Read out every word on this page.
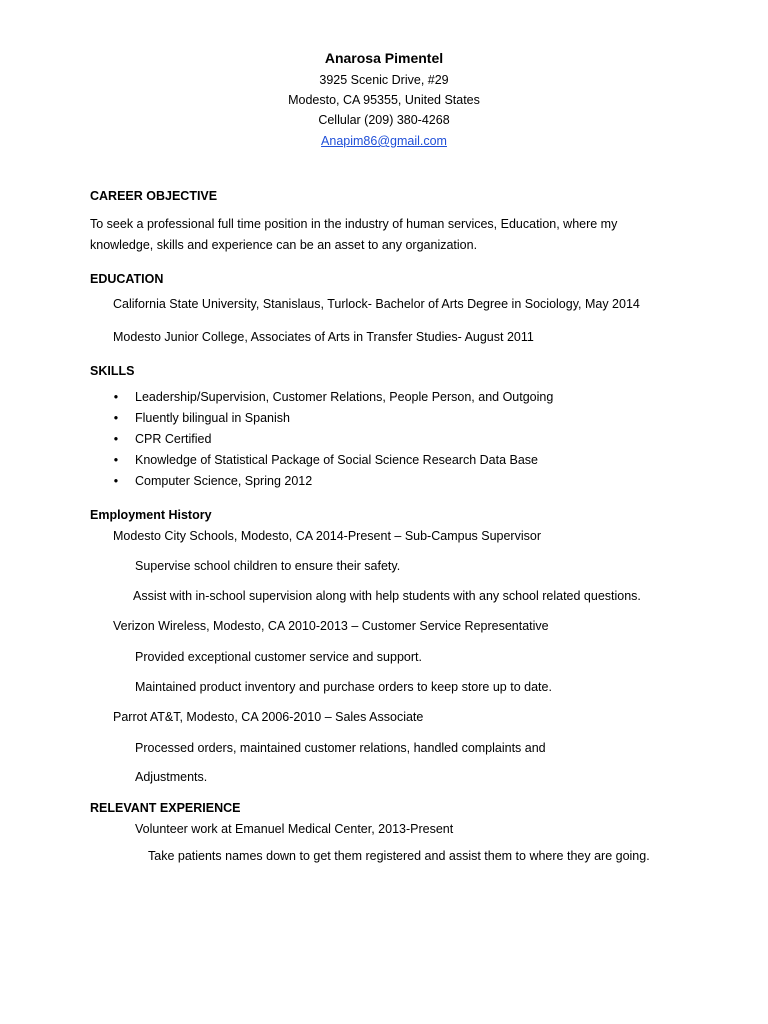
Anarosa Pimentel
3925 Scenic Drive, #29
Modesto, CA 95355, United States
Cellular (209) 380-4268
Anapim86@gmail.com
CAREER OBJECTIVE
To seek a professional full time position in the industry of human services, Education, where my
knowledge, skills and experience can be an asset to any organization.
EDUCATION
California State University, Stanislaus, Turlock- Bachelor of Arts Degree in Sociology, May 2014
Modesto Junior College, Associates of Arts in Transfer Studies- August 2011
SKILLS
• Leadership/Supervision, Customer Relations, People Person, and Outgoing
• Fluently bilingual in Spanish
• CPR Certified
• Knowledge of Statistical Package of Social Science Research Data Base
• Computer Science, Spring 2012
Employment History
Modesto City Schools, Modesto, CA 2014-Present – Sub-Campus Supervisor
Supervise school children to ensure their safety.
Assist with in-school supervision along with help students with any school related questions.
Verizon Wireless, Modesto, CA 2010-2013 – Customer Service Representative
Provided exceptional customer service and support.
Maintained product inventory and purchase orders to keep store up to date.
Parrot AT&T, Modesto, CA 2006-2010 – Sales Associate
Processed orders, maintained customer relations, handled complaints and
Adjustments.
RELEVANT EXPERIENCE
Volunteer work at Emanuel Medical Center, 2013-Present
Take patients names down to get them registered and assist them to where they are going.
